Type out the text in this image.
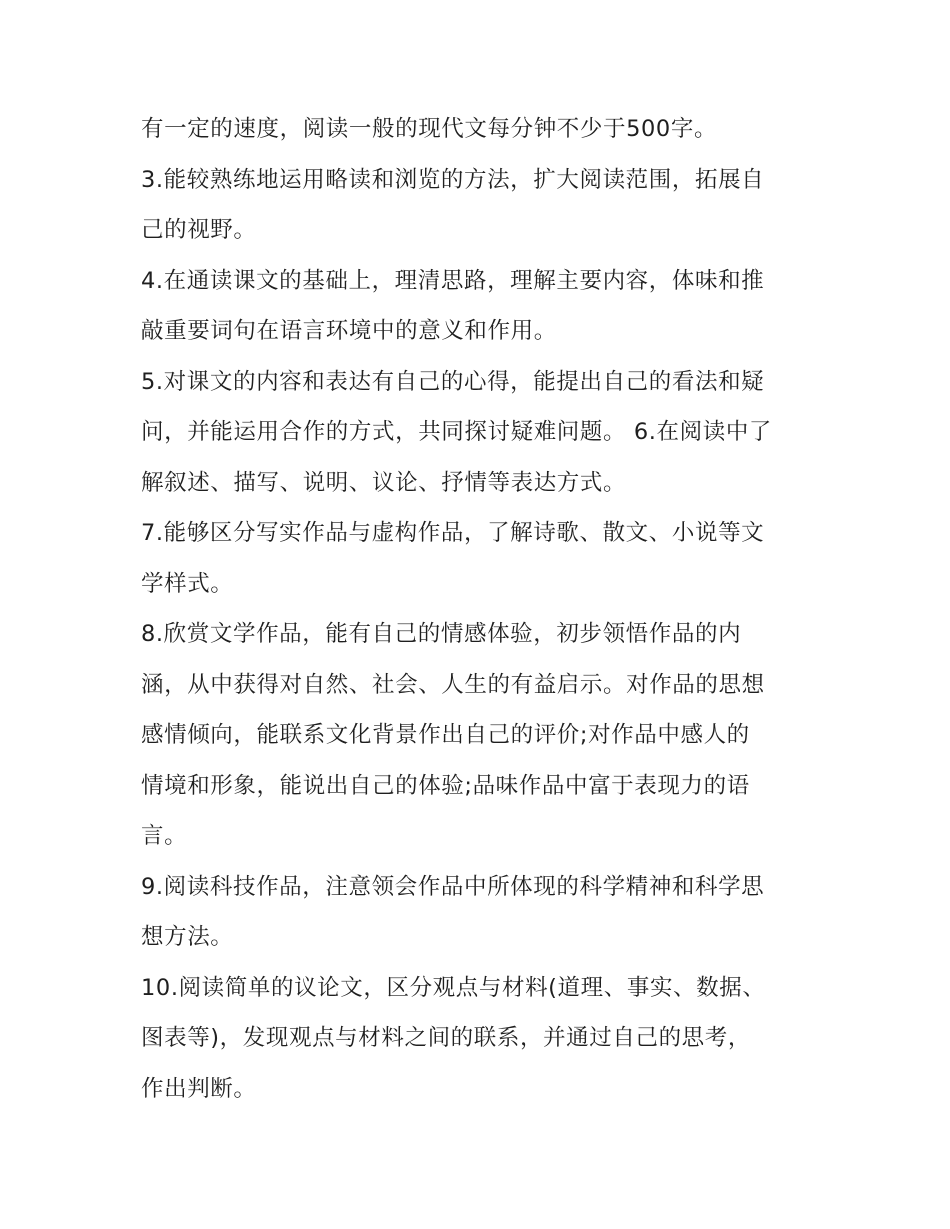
有一定的速度，阅读一般的现代文每分钟不少于500字。
3.能较熟练地运用略读和浏览的方法，扩大阅读范围，拓展自
己的视野。
4.在通读课文的基础上，理清思路，理解主要内容，体味和推
敲重要词句在语言环境中的意义和作用。
5.对课文的内容和表达有自己的心得，能提出自己的看法和疑
问，并能运用合作的方式，共同探讨疑难问题。 6.在阅读中了
解叙述、描写、说明、议论、抒情等表达方式。
7.能够区分写实作品与虚构作品，了解诗歌、散文、小说等文
学样式。
8.欣赏文学作品，能有自己的情感体验，初步领悟作品的内
涵，从中获得对自然、社会、人生的有益启示。对作品的思想
感情倾向，能联系文化背景作出自己的评价;对作品中感人的
情境和形象，能说出自己的体验;品味作品中富于表现力的语
言。
9.阅读科技作品，注意领会作品中所体现的科学精神和科学思
想方法。
10.阅读简单的议论文，区分观点与材料(道理、事实、数据、
图表等)，发现观点与材料之间的联系，并通过自己的思考，
作出判断。
